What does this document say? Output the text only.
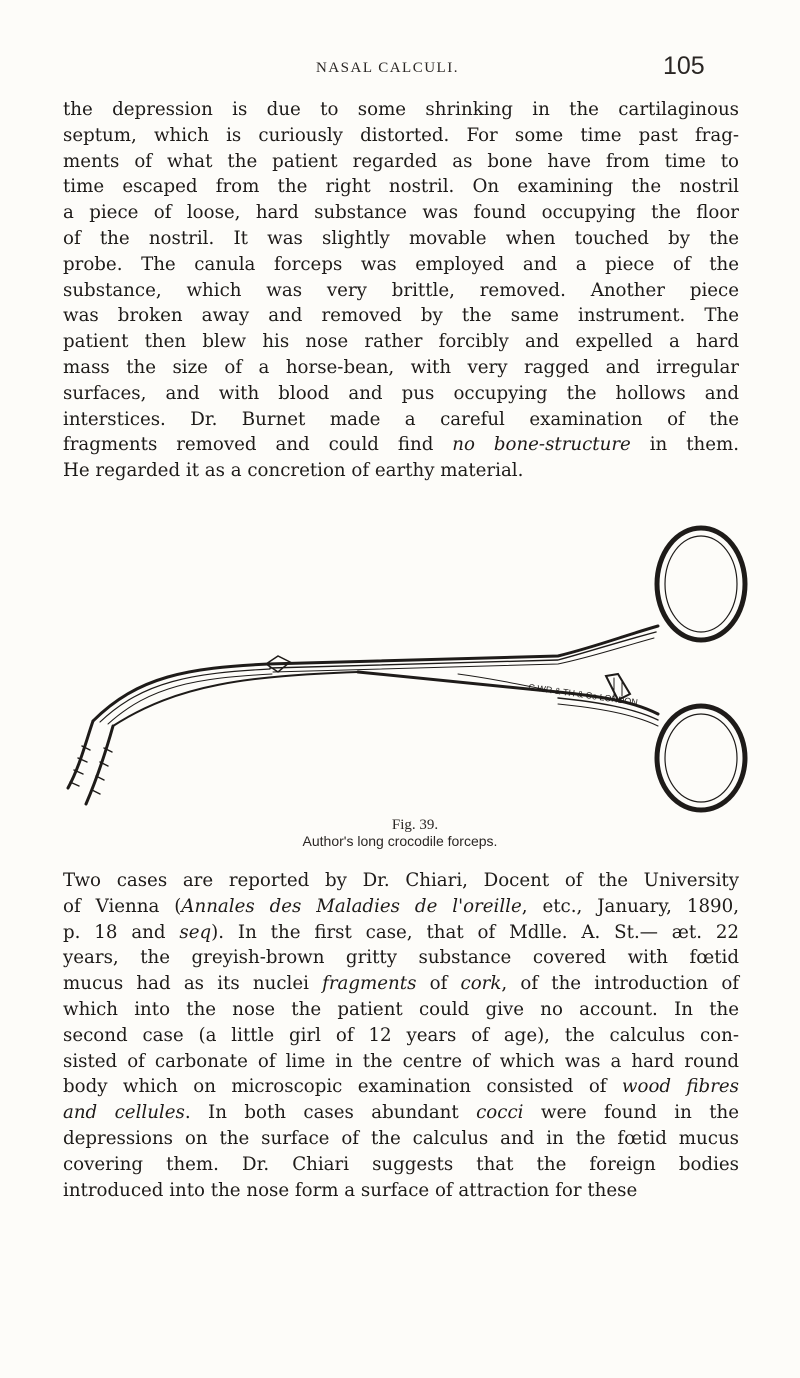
NASAL CALCULI.	105
the depression is due to some shrinking in the cartilaginous
septum, which is curiously distorted. For some time past frag-
ments of what the patient regarded as bone have from time to
time escaped from the right nostril. On examining the nostril
a piece of loose, hard substance was found occupying the floor
of the nostril. It was slightly movable when touched by the
probe. The canula forceps was employed and a piece of the
substance, which was very brittle, removed. Another piece
was broken away and removed by the same instrument. The
patient then blew his nose rather forcibly and expelled a hard
mass the size of a horse-bean, with very ragged and irregular
surfaces, and with blood and pus occupying the hollows and
interstices. Dr. Burnet made a careful examination of the
fragments removed and could find no bone-structure in them.
He regarded it as a concretion of earthy material.
C WR & TH & Co LONDON
Fig. 39.
Author's long crocodile forceps.
Two cases are reported by Dr. Chiari, Docent of the University
of Vienna (Annales des Maladies de l'oreille, etc., January, 1890,
p. 18 and seq). In the first case, that of Mdlle. A. St.— æt. 22
years, the greyish-brown gritty substance covered with fœtid
mucus had as its nuclei fragments of cork, of the introduction of
which into the nose the patient could give no account. In the
second case (a little girl of 12 years of age), the calculus con-
sisted of carbonate of lime in the centre of which was a hard round
body which on microscopic examination consisted of wood fibres
and cellules. In both cases abundant cocci were found in the
depressions on the surface of the calculus and in the fœtid mucus
covering them. Dr. Chiari suggests that the foreign bodies
introduced into the nose form a surface of attraction for these
